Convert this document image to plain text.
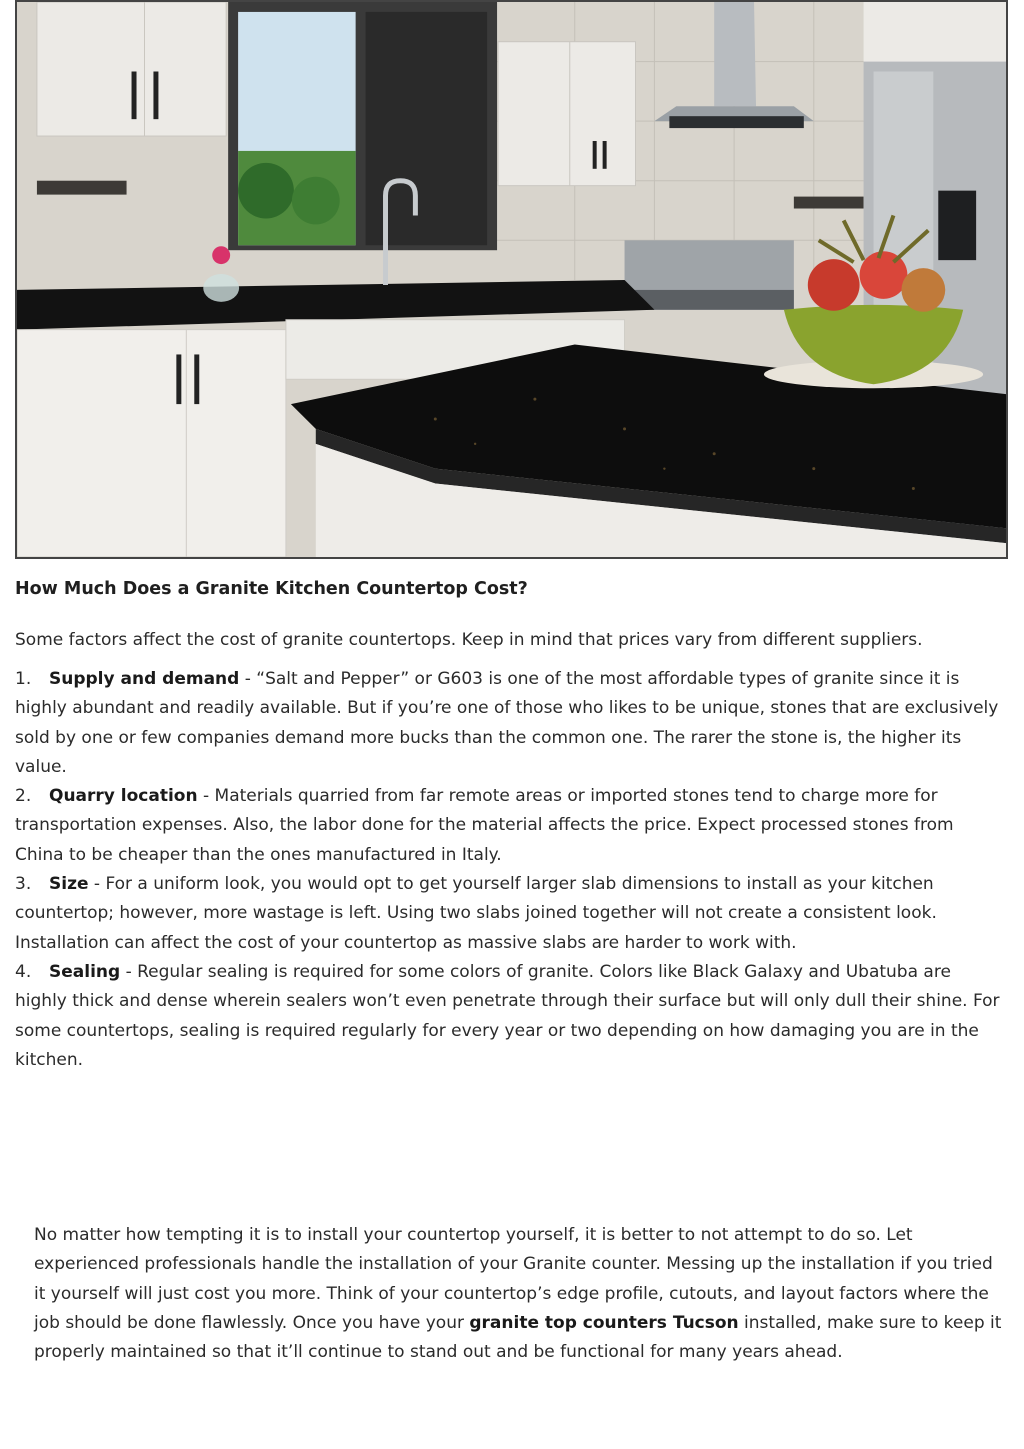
How Much Does a Granite Kitchen Countertop Cost?

Some factors affect the cost of granite countertops. Keep in mind that prices vary from different suppliers.

1. Supply and demand - “Salt and Pepper” or G603 is one of the most affordable types of granite since it is highly abundant and readily available. But if you’re one of those who likes to be unique, stones that are exclusively sold by one or few companies demand more bucks than the common one. The rarer the stone is, the higher its value.
2. Quarry location - Materials quarried from far remote areas or imported stones tend to charge more for transportation expenses. Also, the labor done for the material affects the price. Expect processed stones from China to be cheaper than the ones manufactured in Italy.
3. Size - For a uniform look, you would opt to get yourself larger slab dimensions to install as your kitchen countertop; however, more wastage is left. Using two slabs joined together will not create a consistent look. Installation can affect the cost of your countertop as massive slabs are harder to work with.
4. Sealing - Regular sealing is required for some colors of granite. Colors like Black Galaxy and Ubatuba are highly thick and dense wherein sealers won’t even penetrate through their surface but will only dull their shine. For some countertops, sealing is required regularly for every year or two depending on how damaging you are in the kitchen.

No matter how tempting it is to install your countertop yourself, it is better to not attempt to do so. Let experienced professionals handle the installation of your Granite counter. Messing up the installation if you tried it yourself will just cost you more. Think of your countertop’s edge profile, cutouts, and layout factors where the job should be done flawlessly. Once you have your granite top counters Tucson installed, make sure to keep it properly maintained so that it’ll continue to stand out and be functional for many years ahead.
